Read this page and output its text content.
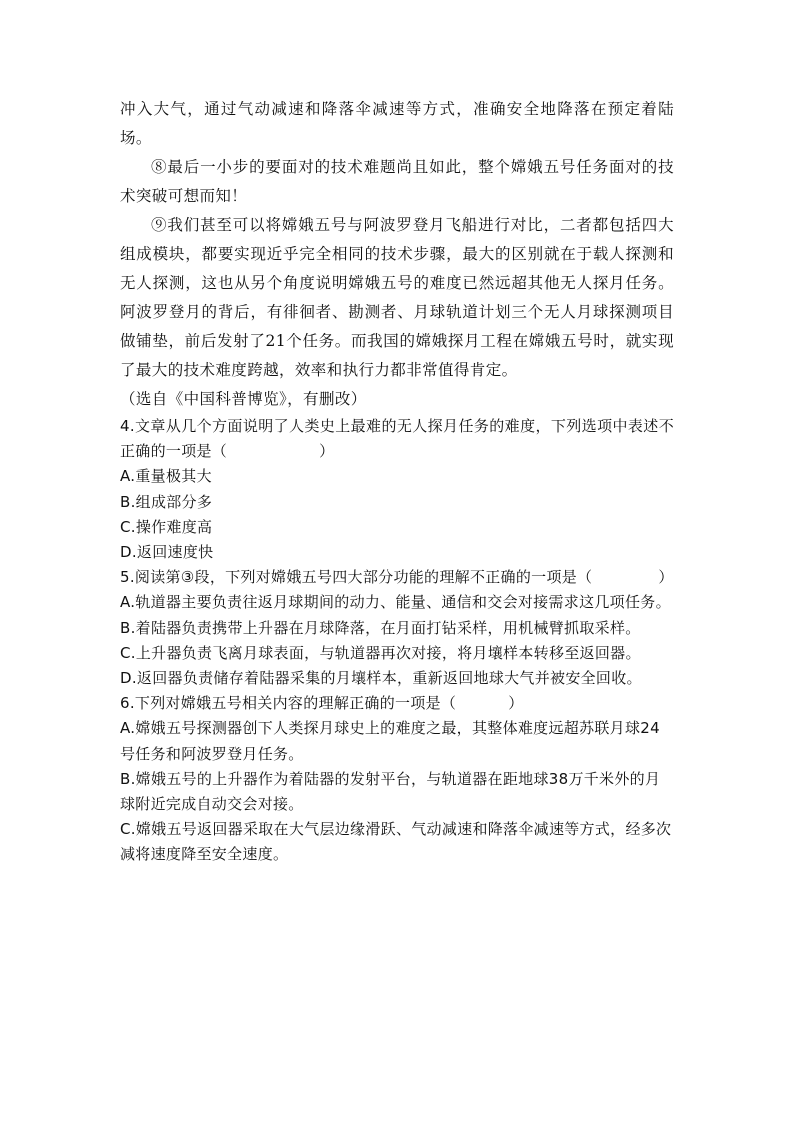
冲入大气，通过气动减速和降落伞减速等方式，准确安全地降落在预定着陆场。

⑧最后一小步的要面对的技术难题尚且如此，整个嫦娥五号任务面对的技术突破可想而知！

⑨我们甚至可以将嫦娥五号与阿波罗登月飞船进行对比，二者都包括四大组成模块，都要实现近乎完全相同的技术步骤，最大的区别就在于载人探测和无人探测，这也从另个角度说明嫦娥五号的难度已然远超其他无人探月任务。阿波罗登月的背后，有徘徊者、勘测者、月球轨道计划三个无人月球探测项目做铺垫，前后发射了21个任务。而我国的嫦娥探月工程在嫦娥五号时，就实现了最大的技术难度跨越，效率和执行力都非常值得肯定。

（选自《中国科普博览》，有删改）

4.文章从几个方面说明了人类史上最难的无人探月任务的难度，下列选项中表述不正确的一项是（	）

A.重量极其大

B.组成部分多

C.操作难度高

D.返回速度快

5.阅读第③段，下列对嫦娥五号四大部分功能的理解不正确的一项是（	）

A.轨道器主要负责往返月球期间的动力、能量、通信和交会对接需求这几项任务。

B.着陆器负责携带上升器在月球降落，在月面打钻采样，用机械臂抓取采样。

C.上升器负责飞离月球表面，与轨道器再次对接，将月壤样本转移至返回器。

D.返回器负责储存着陆器采集的月壤样本，重新返回地球大气并被安全回收。

6.下列对嫦娥五号相关内容的理解正确的一项是（	）

A.嫦娥五号探测器创下人类探月球史上的难度之最，其整体难度远超苏联月球24号任务和阿波罗登月任务。

B.嫦娥五号的上升器作为着陆器的发射平台，与轨道器在距地球38万千米外的月球附近完成自动交会对接。

C.嫦娥五号返回器采取在大气层边缘滑跃、气动减速和降落伞减速等方式，经多次减将速度降至安全速度。
